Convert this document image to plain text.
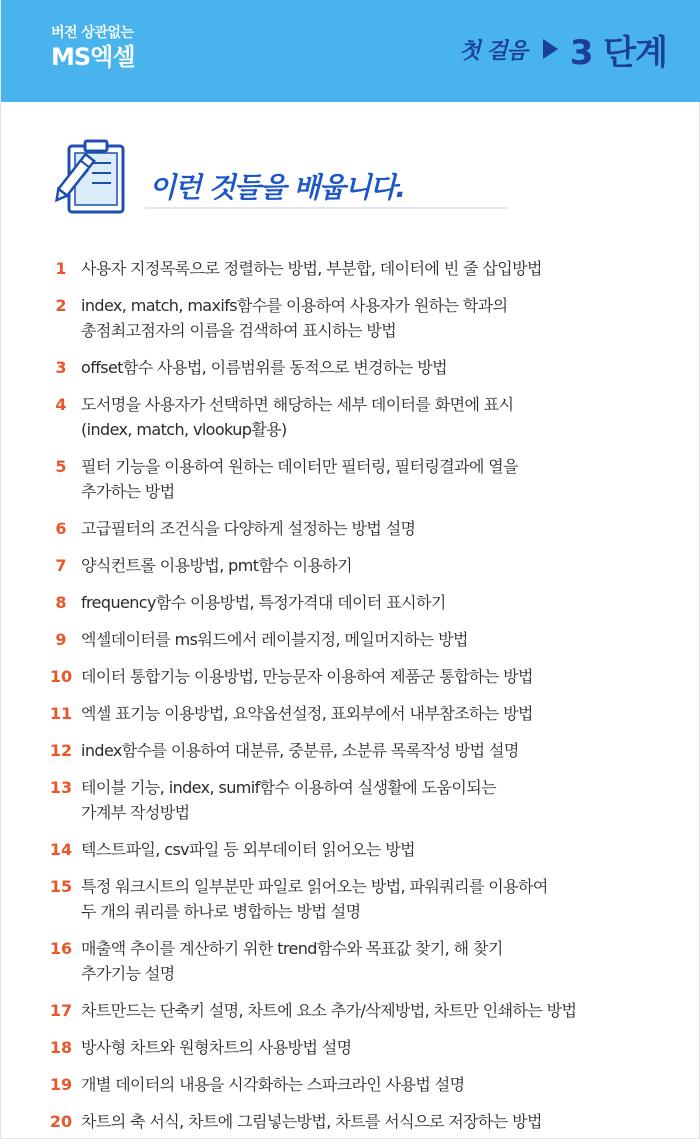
버전 상관없는
MS엑셀	첫 걸음 3 단계
이런 것들을 배웁니다.
1 사용자 지정목록으로 정렬하는 방법, 부분합, 데이터에 빈 줄 삽입방법
2 index, match, maxifs함수를 이용하여 사용자가 원하는 학과의
총점최고점자의 이름을 검색하여 표시하는 방법
3 offset함수 사용법, 이름범위를 동적으로 변경하는 방법
4 도서명을 사용자가 선택하면 해당하는 세부 데이터를 화면에 표시
(index, match, vlookup활용)
5 필터 기능을 이용하여 원하는 데이터만 필터링, 필터링결과에 열을
추가하는 방법
6 고급필터의 조건식을 다양하게 설정하는 방법 설명
7 양식컨트롤 이용방법, pmt함수 이용하기
8 frequency함수 이용방법, 특정가격대 데이터 표시하기
9 엑셀데이터를 ms워드에서 레이블지정, 메일머지하는 방법
10 데이터 통합기능 이용방법, 만능문자 이용하여 제품군 통합하는 방법
11 엑셀 표기능 이용방법, 요약옵션설정, 표외부에서 내부참조하는 방법
12 index함수를 이용하여 대분류, 중분류, 소분류 목록작성 방법 설명
13 테이블 기능, index, sumif함수 이용하여 실생활에 도움이되는
가계부 작성방법
14 텍스트파일, csv파일 등 외부데이터 읽어오는 방법
15 특정 워크시트의 일부분만 파일로 읽어오는 방법, 파워쿼리를 이용하여
두 개의 쿼리를 하나로 병합하는 방법 설명
16 매출액 추이를 계산하기 위한 trend함수와 목표값 찾기, 해 찾기
추가기능 설명
17 차트만드는 단축키 설명, 차트에 요소 추가/삭제방법, 차트만 인쇄하는 방법
18 방사형 차트와 원형차트의 사용방법 설명
19 개별 데이터의 내용을 시각화하는 스파크라인 사용법 설명
20 차트의 축 서식, 차트에 그림넣는방법, 차트를 서식으로 저장하는 방법
